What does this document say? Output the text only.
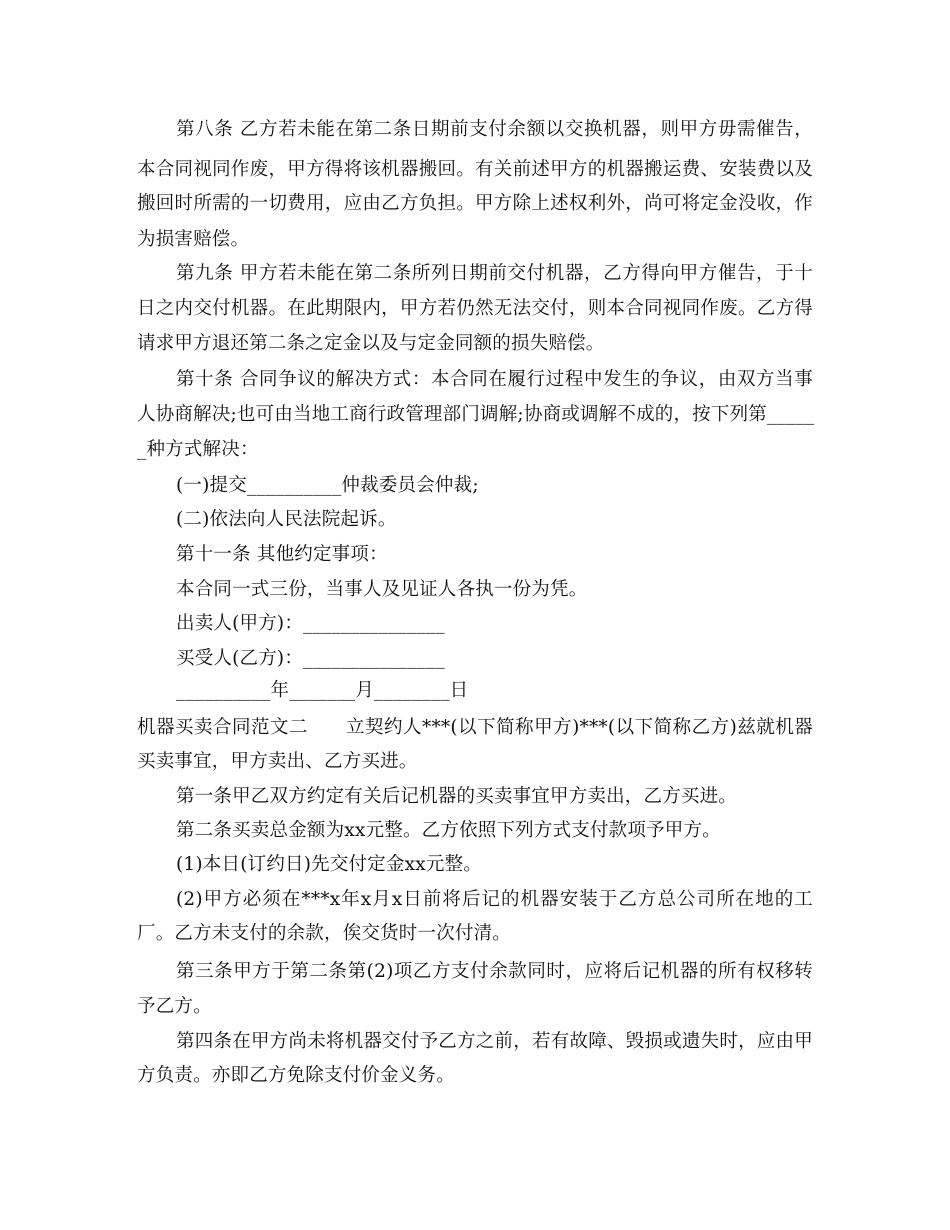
第八条 乙方若未能在第二条日期前支付余额以交换机器，则甲方毋需催告，
本合同视同作废，甲方得将该机器搬回。有关前述甲方的机器搬运费、安装费以及
搬回时所需的一切费用，应由乙方负担。甲方除上述权利外，尚可将定金没收，作
为损害赔偿。
第九条 甲方若未能在第二条所列日期前交付机器，乙方得向甲方催告，于十
日之内交付机器。在此期限内，甲方若仍然无法交付，则本合同视同作废。乙方得
请求甲方退还第二条之定金以及与定金同额的损失赔偿。
第十条 合同争议的解决方式：本合同在履行过程中发生的争议，由双方当事
人协商解决;也可由当地工商行政管理部门调解;协商或调解不成的，按下列第_____
_种方式解决：
(一)提交__________仲裁委员会仲裁;
(二)依法向人民法院起诉。
第十一条 其他约定事项：
本合同一式三份，当事人及见证人各执一份为凭。
出卖人(甲方)：_______________
买受人(乙方)：_______________
__________年_______月________日
机器买卖合同范文二　　立契约人***(以下简称甲方)***(以下简称乙方)兹就机器
买卖事宜，甲方卖出、乙方买进。
第一条甲乙双方约定有关后记机器的买卖事宜甲方卖出，乙方买进。
第二条买卖总金额为xx元整。乙方依照下列方式支付款项予甲方。
(1)本日(订约日)先交付定金xx元整。
(2)甲方必须在***x年x月x日前将后记的机器安装于乙方总公司所在地的工
厂。乙方未支付的余款，俟交货时一次付清。
第三条甲方于第二条第(2)项乙方支付余款同时，应将后记机器的所有权移转
予乙方。
第四条在甲方尚未将机器交付予乙方之前，若有故障、毁损或遗失时，应由甲
方负责。亦即乙方免除支付价金义务。
